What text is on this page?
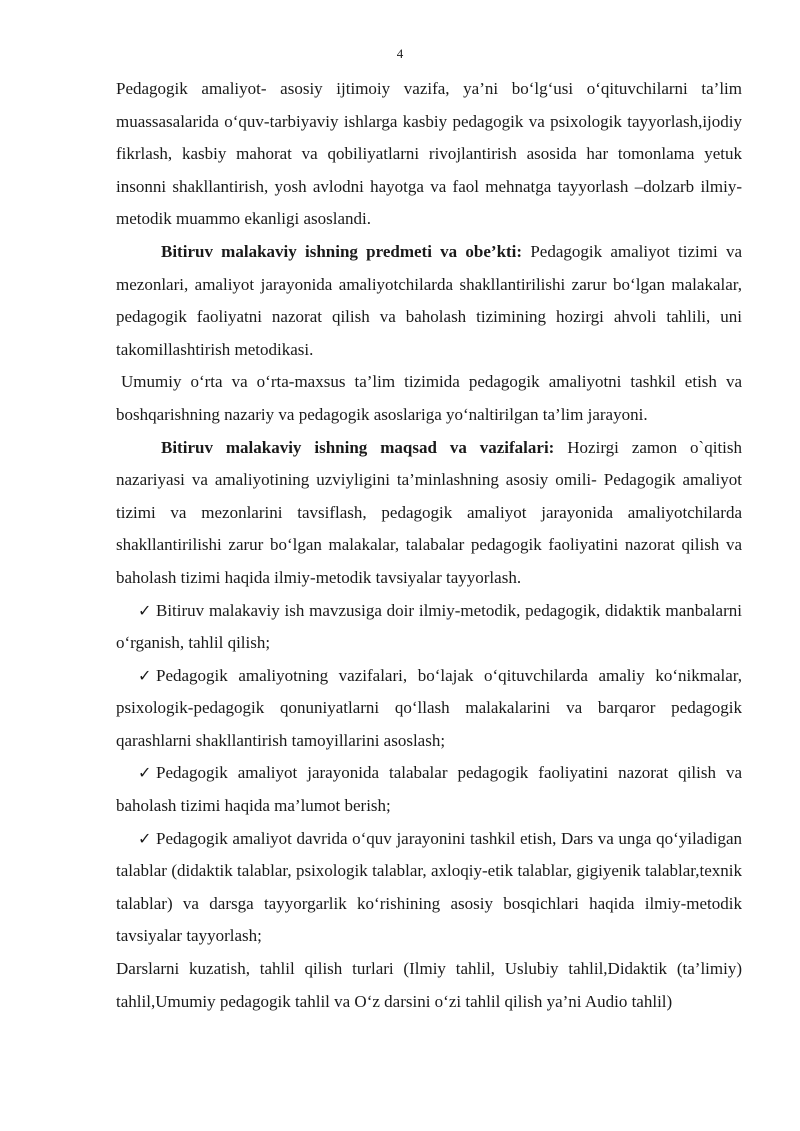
4

Pedagogik amaliyot- asosiy ijtimoiy vazifa, ya’ni bo‘lg‘usi o‘qituvchilarni ta’lim muassasalarida o‘quv-tarbiyaviy ishlarga kasbiy pedagogik va psixologik tayyorlash,ijodiy fikrlash, kasbiy mahorat va qobiliyatlarni rivojlantirish asosida har tomonlama yetuk insonni shakllantirish, yosh avlodni hayotga va faol mehnatga tayyorlash –dolzarb ilmiy- metodik muammo ekanligi asoslandi.

Bitiruv malakaviy ishning predmeti va obe’kti: Pedagogik amaliyot tizimi va mezonlari, amaliyot jarayonida amaliyotchilarda shakllantirilishi zarur bo‘lgan malakalar, pedagogik faoliyatni nazorat qilish va baholash tizimining hozirgi ahvoli tahlili, uni takomillashtirish metodikasi.

Umumiy o‘rta va o‘rta-maxsus ta’lim tizimida pedagogik amaliyotni tashkil etish va boshqarishning nazariy va pedagogik asoslariga yo‘naltirilgan ta’lim jarayoni.

Bitiruv malakaviy ishning maqsad va vazifalari: Hozirgi zamon o`qitish nazariyasi va amaliyotining uzviyligini ta’minlashning asosiy omili- Pedagogik amaliyot tizimi va mezonlarini tavsiflash, pedagogik amaliyot jarayonida amaliyotchilarda shakllantirilishi zarur bo‘lgan malakalar, talabalar pedagogik faoliyatini nazorat qilish va baholash tizimi haqida ilmiy-metodik tavsiyalar tayyorlash.

✓ Bitiruv malakaviy ish mavzusiga doir ilmiy-metodik, pedagogik, didaktik manbalarni o‘rganish, tahlil qilish;

✓ Pedagogik amaliyotning vazifalari, bo‘lajak o‘qituvchilarda amaliy ko‘nikmalar, psixologik-pedagogik qonuniyatlarni qo‘llash malakalarini va barqaror pedagogik qarashlarni shakllantirish tamoyillarini asoslash;

✓ Pedagogik amaliyot jarayonida talabalar pedagogik faoliyatini nazorat qilish va baholash tizimi haqida ma’lumot berish;

✓ Pedagogik amaliyot davrida o‘quv jarayonini tashkil etish, Dars va unga qo‘yiladigan talablar (didaktik talablar, psixologik talablar, axloqiy-etik talablar, gigiyenik talablar,texnik talablar) va darsga tayyorgarlik ko‘rishining asosiy bosqichlari haqida ilmiy-metodik tavsiyalar tayyorlash;

Darslarni kuzatish, tahlil qilish turlari (Ilmiy tahlil, Uslubiy tahlil,Didaktik (ta’limiy) tahlil,Umumiy pedagogik tahlil va O‘z darsini o‘zi tahlil qilish ya’ni Audio tahlil)
